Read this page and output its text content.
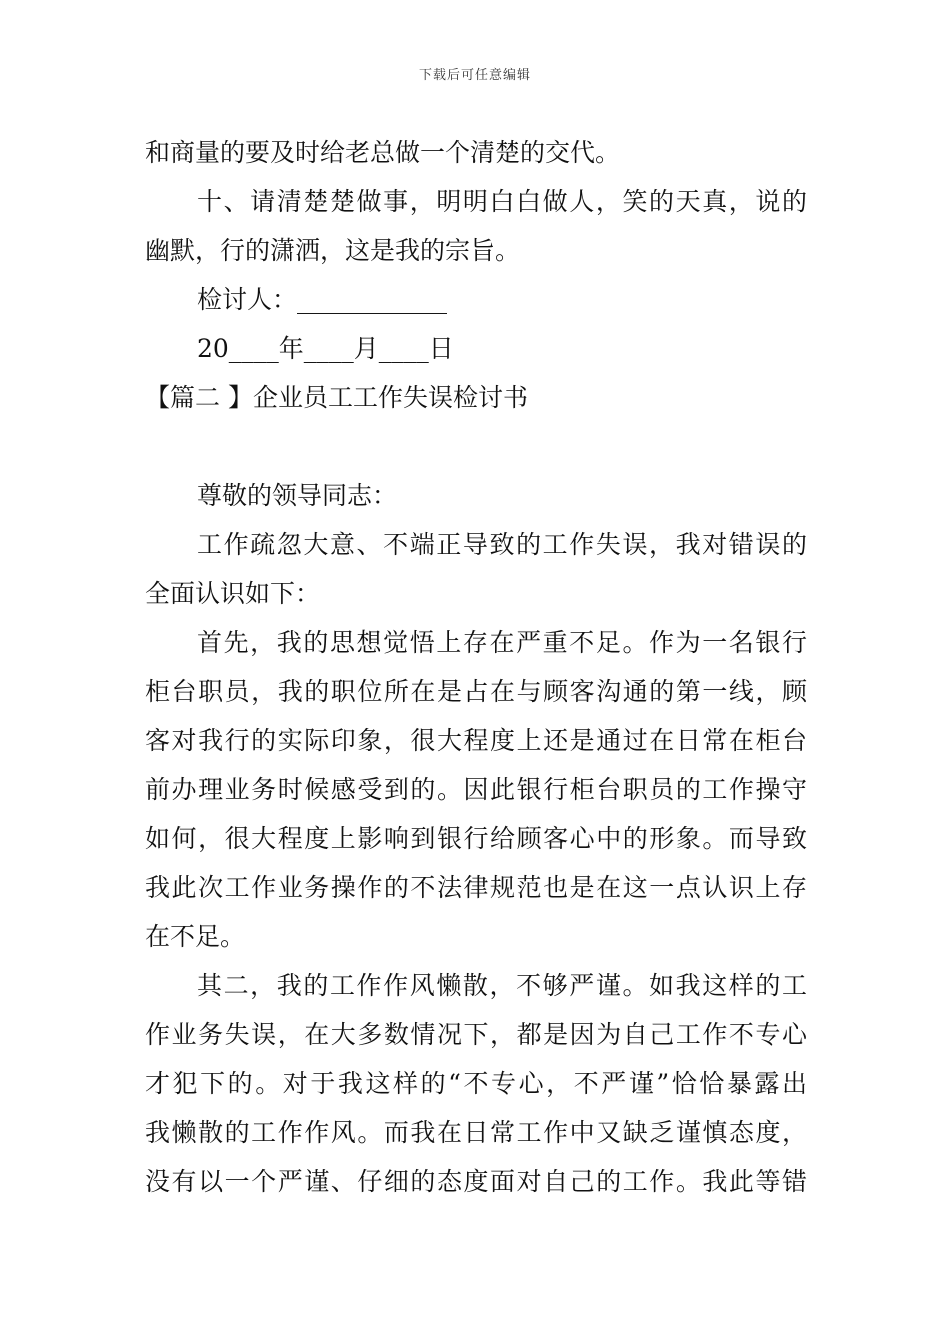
下载后可任意编辑
和商量的要及时给老总做一个清楚的交代。
十、请清楚楚做事，明明白白做人，笑的天真，说的
幽默，行的潇洒，这是我的宗旨。
检讨人：____________
20____年____月____日
【篇二 】企业员工工作失误检讨书
尊敬的领导同志：
工作疏忽大意、不端正导致的工作失误，我对错误的
全面认识如下：
首先，我的思想觉悟上存在严重不足。作为一名银行
柜台职员，我的职位所在是占在与顾客沟通的第一线，顾
客对我行的实际印象，很大程度上还是通过在日常在柜台
前办理业务时候感受到的。因此银行柜台职员的工作操守
如何，很大程度上影响到银行给顾客心中的形象。而导致
我此次工作业务操作的不法律规范也是在这一点认识上存
在不足。
其二，我的工作作风懒散，不够严谨。如我这样的工
作业务失误，在大多数情况下，都是因为自己工作不专心
才犯下的。对于我这样的“不专心，不严谨”恰恰暴露出
我懒散的工作作风。而我在日常工作中又缺乏谨慎态度，
没有以一个严谨、仔细的态度面对自己的工作。我此等错
